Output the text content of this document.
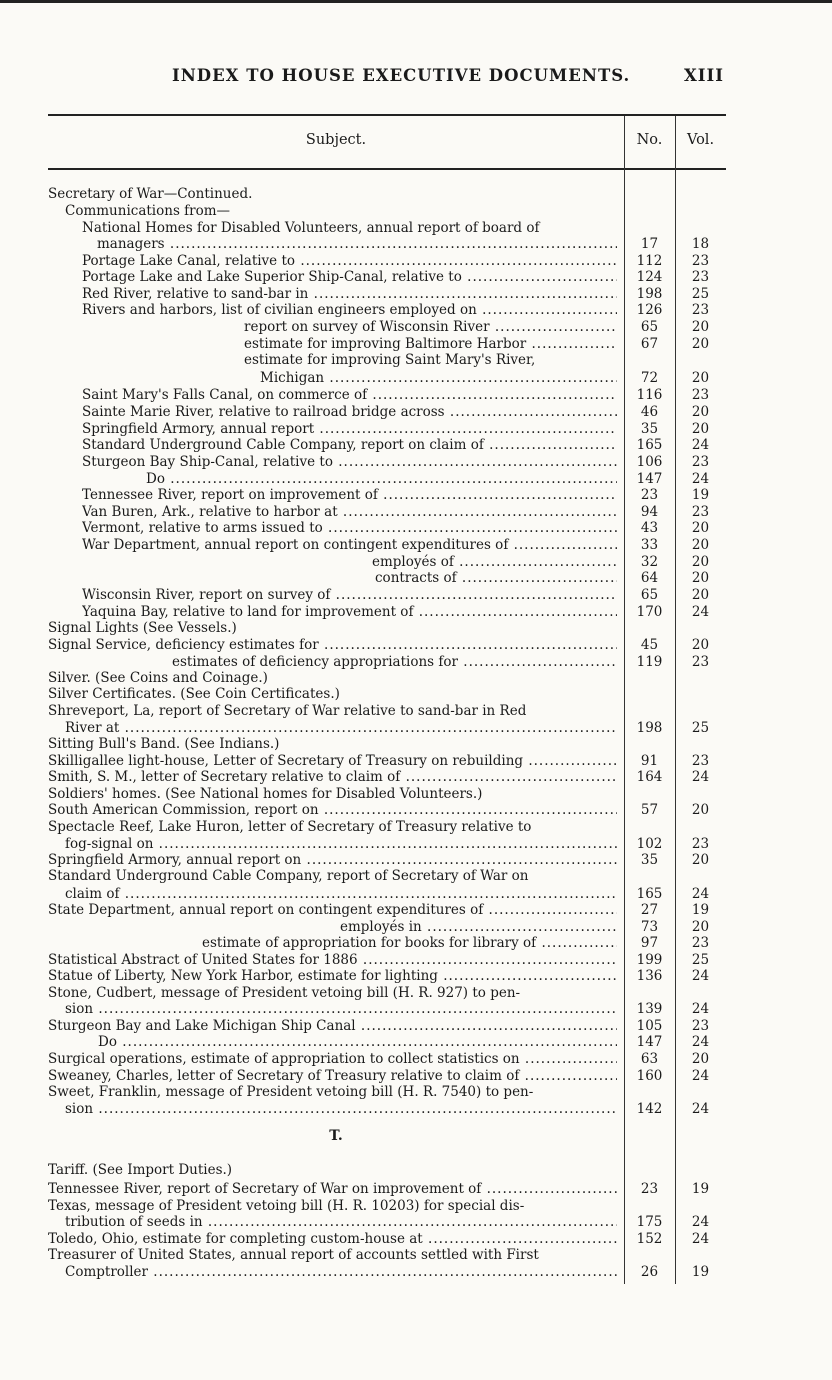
INDEX TO HOUSE EXECUTIVE DOCUMENTS.	XIII
Subject.	No.	Vol.
T.
Secretary of War—Continued.
Communications from—
National Homes for Disabled Volunteers, annual report of board of
managers .....	17	18
Portage Lake Canal, relative to .....	112	23
Portage Lake and Lake Superior Ship-Canal, relative to .....	124	23
Red River, relative to sand-bar in .....	198	25
Rivers and harbors, list of civilian engineers employed on .....	126	23
report on survey of Wisconsin River .....	65	20
estimate for improving Baltimore Harbor .....	67	20
estimate for improving Saint Mary's River,
Michigan .....	72	20
Saint Mary's Falls Canal, on commerce of .....	116	23
Sainte Marie River, relative to railroad bridge across .....	46	20
Springfield Armory, annual report .....	35	20
Standard Underground Cable Company, report on claim of .....	165	24
Sturgeon Bay Ship-Canal, relative to .....	106	23
Do .....	147	24
Tennessee River, report on improvement of .....	23	19
Van Buren, Ark., relative to harbor at .....	94	23
Vermont, relative to arms issued to .....	43	20
War Department, annual report on contingent expenditures of .....	33	20
employés of .....	32	20
contracts of .....	64	20
Wisconsin River, report on survey of .....	65	20
Yaquina Bay, relative to land for improvement of .....	170	24
Signal Lights (See Vessels.)
Signal Service, deficiency estimates for .....	45	20
estimates of deficiency appropriations for .....	119	23
Silver. (See Coins and Coinage.)
Silver Certificates. (See Coin Certificates.)
Shreveport, La, report of Secretary of War relative to sand-bar in Red
River at .....	198	25
Sitting Bull's Band. (See Indians.)
Skilligallee light-house, Letter of Secretary of Treasury on rebuilding .....	91	23
Smith, S. M., letter of Secretary relative to claim of .....	164	24
Soldiers' homes. (See National homes for Disabled Volunteers.)
South American Commission, report on .....	57	20
Spectacle Reef, Lake Huron, letter of Secretary of Treasury relative to
fog-signal on .....	102	23
Springfield Armory, annual report on .....	35	20
Standard Underground Cable Company, report of Secretary of War on
claim of .....	165	24
State Department, annual report on contingent expenditures of .....	27	19
employés in .....	73	20
estimate of appropriation for books for library of .....	97	23
Statistical Abstract of United States for 1886 .....	199	25
Statue of Liberty, New York Harbor, estimate for lighting .....	136	24
Stone, Cudbert, message of President vetoing bill (H. R. 927) to pen-
sion .....	139	24
Sturgeon Bay and Lake Michigan Ship Canal .....	105	23
Do .....	147	24
Surgical operations, estimate of appropriation to collect statistics on .....	63	20
Sweaney, Charles, letter of Secretary of Treasury relative to claim of .....	160	24
Sweet, Franklin, message of President vetoing bill (H. R. 7540) to pen-
sion .....	142	24
Tariff. (See Import Duties.)
Tennessee River, report of Secretary of War on improvement of .....	23	19
Texas, message of President vetoing bill (H. R. 10203) for special dis-
tribution of seeds in .....	175	24
Toledo, Ohio, estimate for completing custom-house at .....	152	24
Treasurer of United States, annual report of accounts settled with First
Comptroller .....	26	19
